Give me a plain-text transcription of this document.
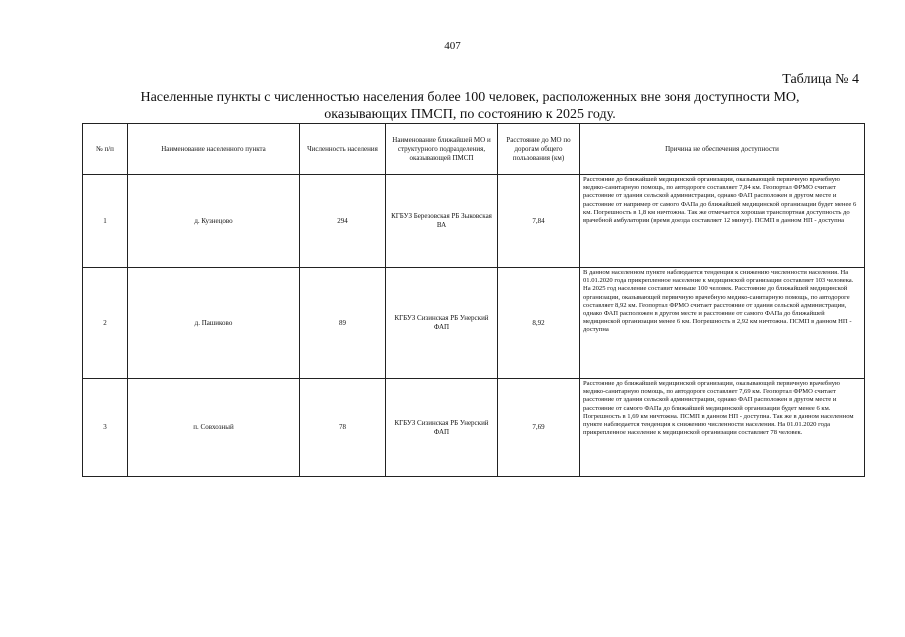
407
Таблица № 4
Населенные пункты с численностью населения более 100 человек, расположенных вне зоня доступности МО,
оказывающих ПМСП, по состоянию к 2025 году.
№ п/п	Наименование населенного пункта	Численность населения	Наименование ближайшей МО и структурного подразделения, оказывающей ПМСП	Расстояние до МО по дорогам общего пользования (км)	Причина не обеспечения доступности
1	д. Кузнецово	294	КГБУЗ Березовская РБ Зыковская ВА	7,84	Расстояние до ближайшей медицинской организации, оказывающей первичную врачебную медико-санитарную помощь, по автодороге составляет 7,84 км. Геопортал ФРМО считает расстояние от здания сельской администрации, однако ФАП расположен в другом месте и расстояние от например от самого ФАПа до ближайшей медицинской организации будет менее 6 км. Погрешность в 1,8 км ничтожна. Так же отмечается хорошая транспортная доступность до врачебной амбулатории (время доезда составляет 12 минут). ПСМП в данном НП - доступна
2	д. Пашиково	89	КГБУЗ Сизинская РБ Унерский ФАП	8,92	В данном населенном пункте наблюдается тенденция к снижению численности населения. На 01.01.2020 года прикрепленное население к медицинской организации составляет 103 человека. На 2025 год население составит меньше 100 человек. Расстояние до ближайшей медицинской организации, оказывающей первичную врачебную медико-санитарную помощь, по автодороге составляет 8,92 км. Геопортал ФРМО считает расстояние от здания сельской администрации, однако ФАП расположен в другом месте и расстояние от самого ФАПа до ближайшей медицинской организации менее 6 км. Погрешность в 2,92 км ничтожна. ПСМП в данном НП - доступна
3	п. Совхозный	78	КГБУЗ Сизинская РБ Унерский ФАП	7,69	Расстояние до ближайшей медицинской организации, оказывающей первичную врачебную медико-санитарную помощь, по автодороге составляет 7,69 км. Геопортал ФРМО считает расстояние от здания сельской администрации, однако ФАП расположен в другом месте и расстояние от самого ФАПа до ближайшей медицинской организации будет менее 6 км. Погрешность в 1,69 км ничтожна. ПСМП в данном НП - доступна. Так же в данном населенном пункте наблюдается тенденция к снижению численности населения. На 01.01.2020 года прикрепленное население к медицинской организации составляет 78 человек.
